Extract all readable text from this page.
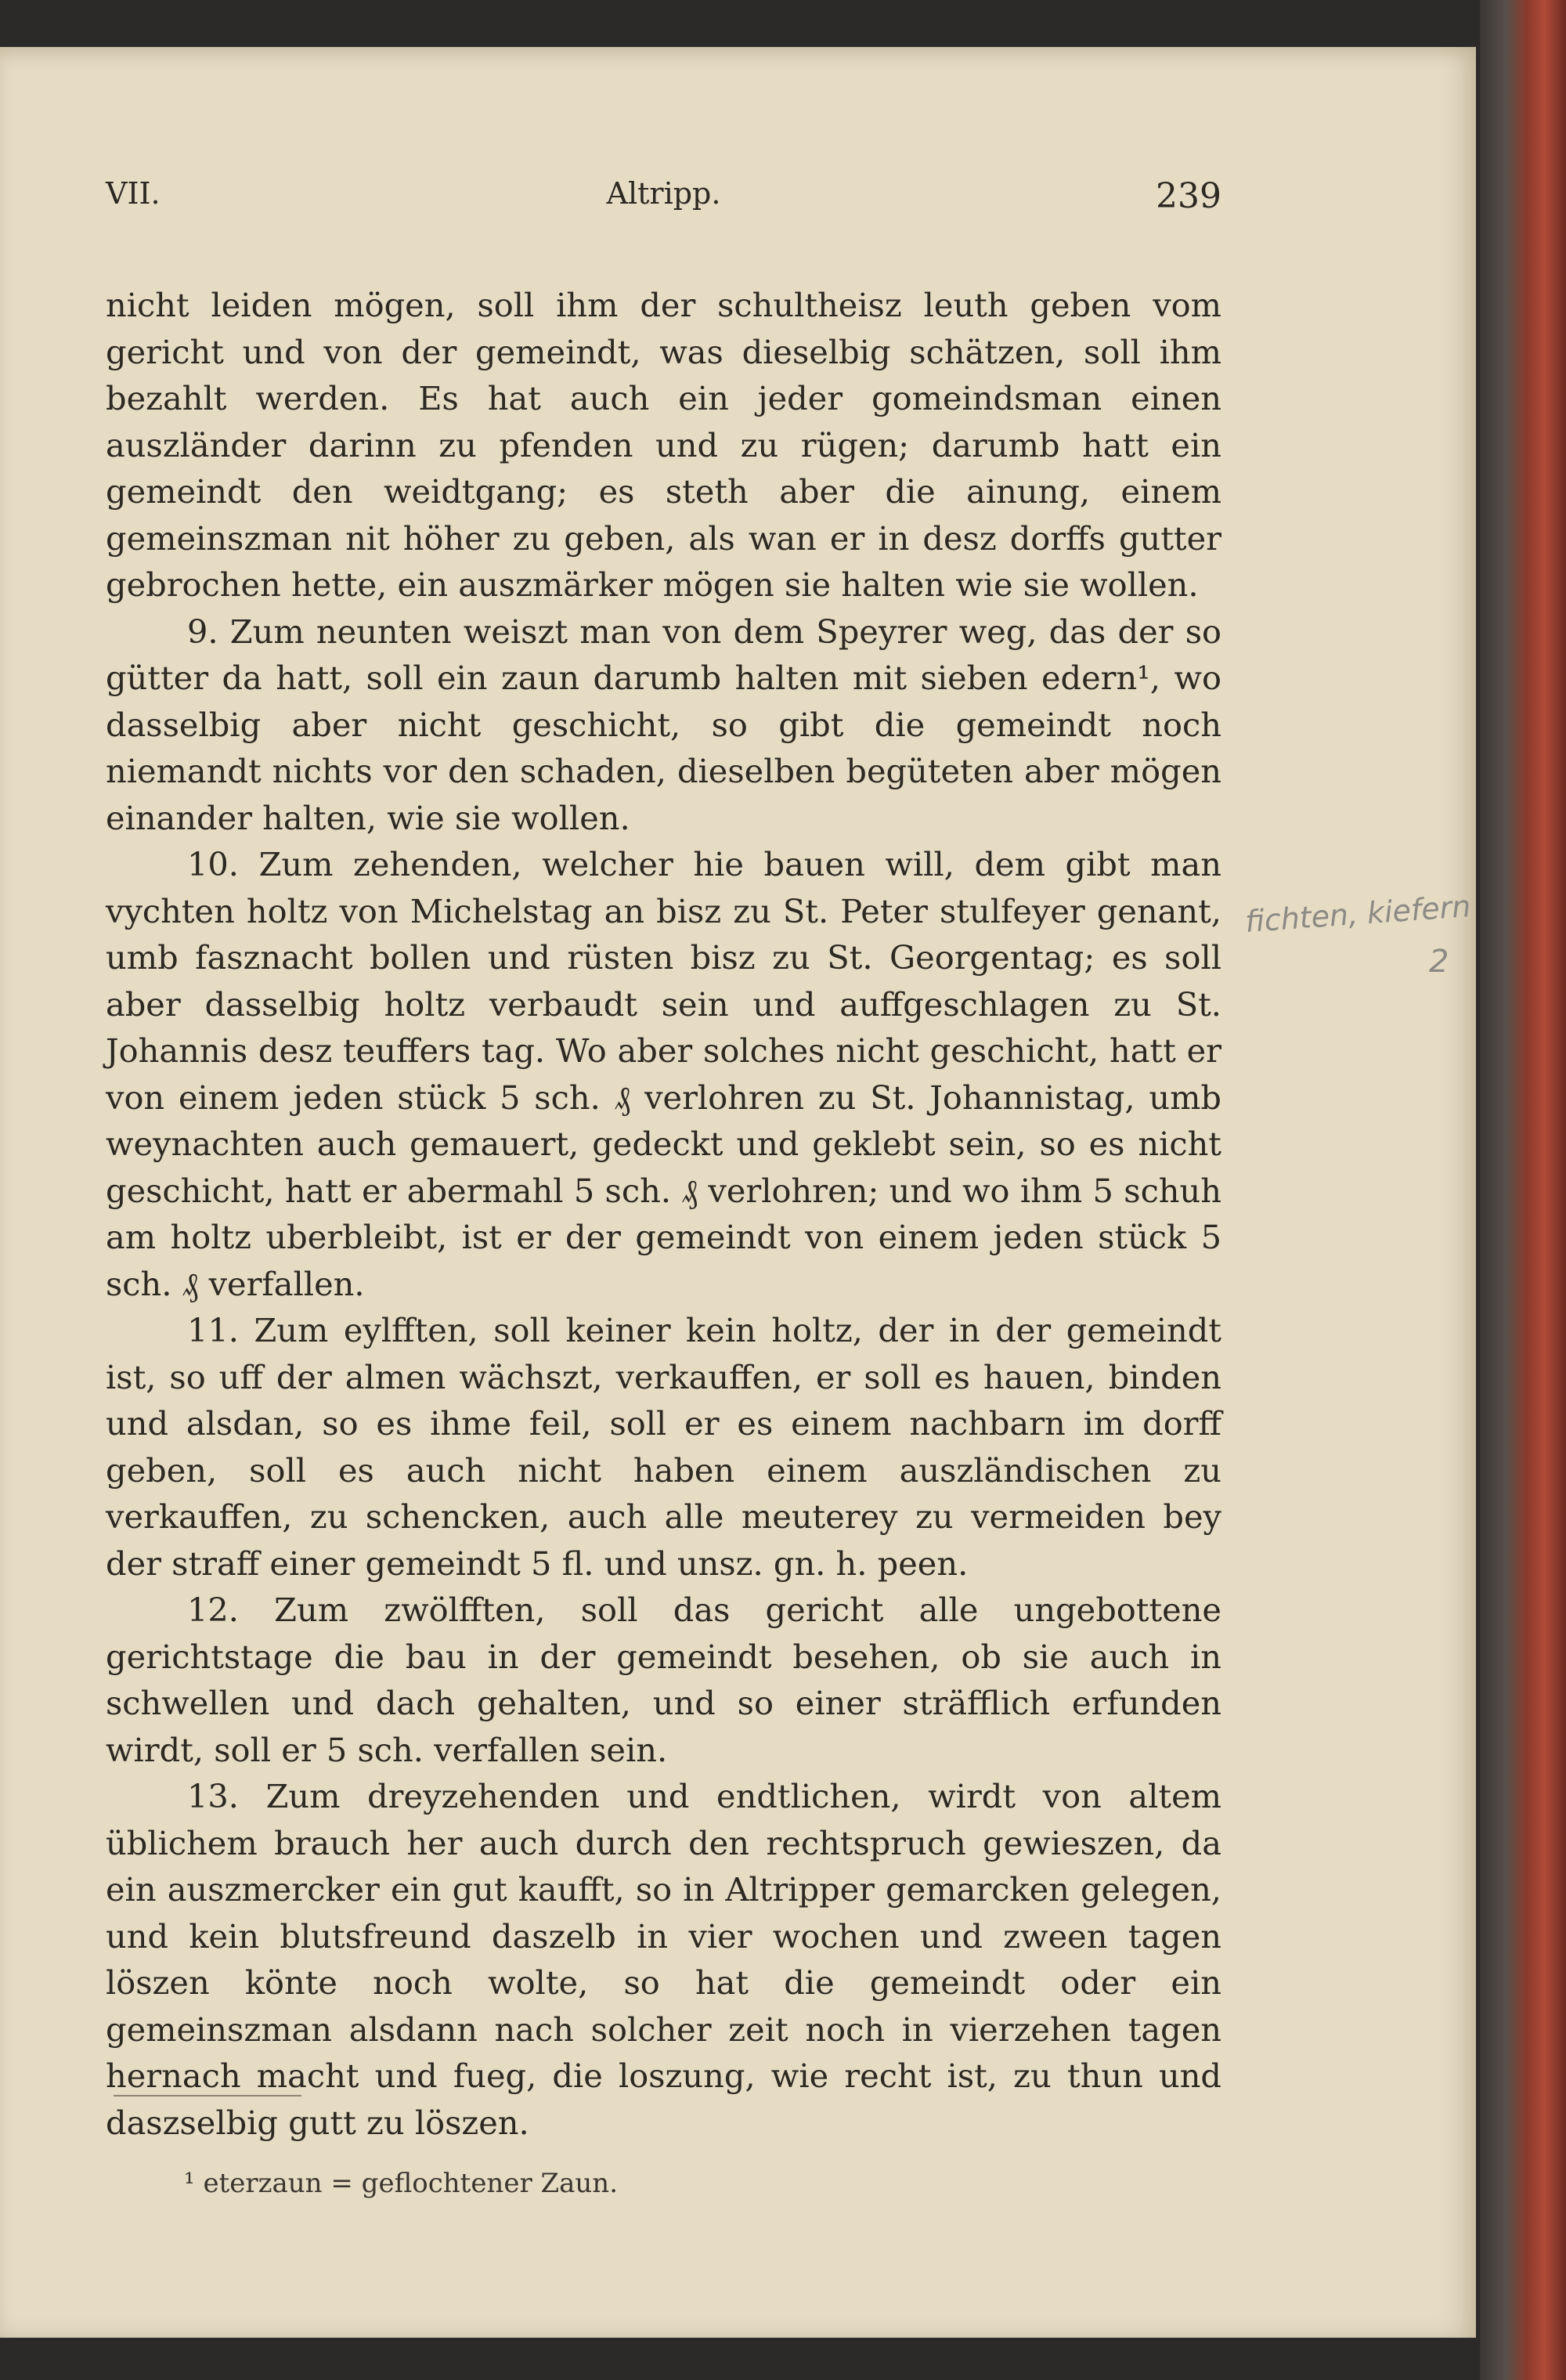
VII.	Altripp.	239

nicht leiden mögen, soll ihm der schultheisz leuth geben vom gericht und von der gemeindt, was dieselbig schätzen, soll ihm bezahlt werden. Es hat auch ein jeder gomeindsman einen auszländer darinn zu pfenden und zu rügen; darumb hatt ein gemeindt den weidtgang; es steth aber die ainung, einem gemeinszman nit höher zu geben, als wan er in desz dorffs gutter gebrochen hette, ein auszmärker mögen sie halten wie sie wollen.

9. Zum neunten weiszt man von dem Speyrer weg, das der so gütter da hatt, soll ein zaun darumb halten mit sieben edern¹, wo dasselbig aber nicht geschicht, so gibt die gemeindt noch niemandt nichts vor den schaden, dieselben begüteten aber mögen einander halten, wie sie wollen.

10. Zum zehenden, welcher hie bauen will, dem gibt man vychten holtz von Michelstag an bisz zu St. Peter stulfeyer genant, umb fasznacht bollen und rüsten bisz zu St. Georgentag; es soll aber dasselbig holtz verbaudt sein und auffgeschlagen zu St. Johannis desz teuffers tag. Wo aber solches nicht geschicht, hatt er von einem jeden stück 5 sch. ₰ verlohren zu St. Johannistag, umb weynachten auch gemauert, gedeckt und geklebt sein, so es nicht geschicht, hatt er abermahl 5 sch. ₰ verlohren; und wo ihm 5 schuh am holtz uberbleibt, ist er der gemeindt von einem jeden stück 5 sch. ₰ verfallen.

11. Zum eylfften, soll keiner kein holtz, der in der gemeindt ist, so uff der almen wächszt, verkauffen, er soll es hauen, binden und alsdan, so es ihme feil, soll er es einem nachbarn im dorff geben, soll es auch nicht haben einem auszländischen zu verkauffen, zu schencken, auch alle meuterey zu vermeiden bey der straff einer gemeindt 5 fl. und unsz. gn. h. peen.

12. Zum zwölfften, soll das gericht alle ungebottene gerichtstage die bau in der gemeindt besehen, ob sie auch in schwellen und dach gehalten, und so einer sträfflich erfunden wirdt, soll er 5 sch. verfallen sein.

13. Zum dreyzehenden und endtlichen, wirdt von altem üblichem brauch her auch durch den rechtspruch gewieszen, da ein auszmercker ein gut kaufft, so in Altripper gemarcken gelegen, und kein blutsfreund daszelb in vier wochen und zween tagen löszen könte noch wolte, so hat die gemeindt oder ein gemeinszman alsdann nach solcher zeit noch in vierzehen tagen hernach macht und fueg, die loszung, wie recht ist, zu thun und daszselbig gutt zu löszen.

fichten, kiefern
2
¹ eterzaun = geflochtener Zaun.
